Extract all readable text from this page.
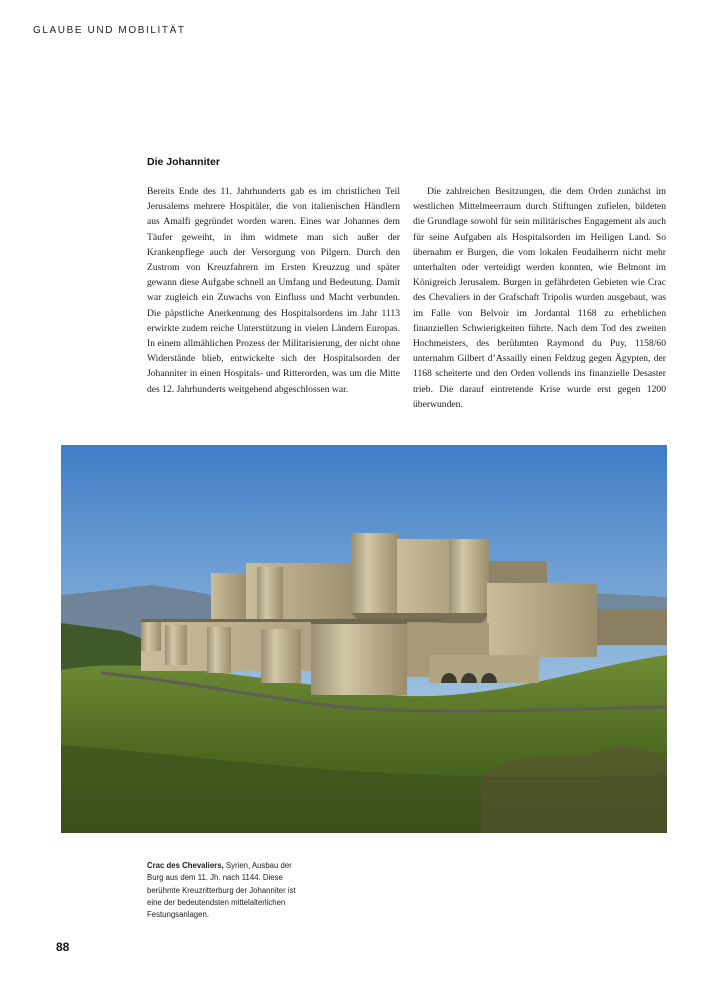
GLAUBE UND MOBILITÄT
Die Johanniter

Bereits Ende des 11. Jahrhunderts gab es im christlichen Teil Jerusalems mehrere Hospitäler, die von italienischen Händlern aus Amalfi gegründet worden waren. Eines war Johannes dem Täufer geweiht, in ihm widmete man sich außer der Krankenpflege auch der Versorgung von Pilgern. Durch den Zustrom von Kreuzfahrern im Ersten Kreuzzug und später gewann diese Aufgabe schnell an Umfang und Bedeutung. Damit war zugleich ein Zuwachs von Einfluss und Macht verbunden. Die päpstliche Anerkennung des Hospitalsordens im Jahr 1113 erwirkte zudem reiche Unterstützung in vielen Ländern Europas. In einem allmählichen Prozess der Militarisierung, der nicht ohne Widerstände blieb, entwickelte sich der Hospitalsorden der Johanniter in einen Hospitals- und Ritterorden, was um die Mitte des 12. Jahrhunderts weitgehend abgeschlossen war.

Die zahlreichen Besitzungen, die dem Orden zunächst im westlichen Mittelmeerraum durch Stiftungen zufielen, bildeten die Grundlage sowohl für sein militärisches Engagement als auch für seine Aufgaben als Hospitalsorden im Heiligen Land. So übernahm er Burgen, die vom lokalen Feudalherrn nicht mehr unterhalten oder verteidigt werden konnten, wie Belmont im Königreich Jerusalem. Burgen in gefährdeten Gebieten wie Crac des Chevaliers in der Grafschaft Tripolis wurden ausgebaut, was im Falle von Belvoir im Jordantal 1168 zu erheblichen finanziellen Schwierigkeiten führte. Nach dem Tod des zweiten Hochmeisters, des berühmten Raymond du Puy, 1158/60 unternahm Gilbert d’Assailly einen Feldzug gegen Ägypten, der 1168 scheiterte und den Orden vollends ins finanzielle Desaster trieb. Die darauf eintretende Krise wurde erst gegen 1200 überwunden.

Crac des Chevaliers, Syrien, Ausbau der Burg aus dem 11. Jh. nach 1144. Diese berühmte Kreuzritterburg der Johanniter ist eine der bedeutendsten mittelalterlichen Festungsanlagen.
88
